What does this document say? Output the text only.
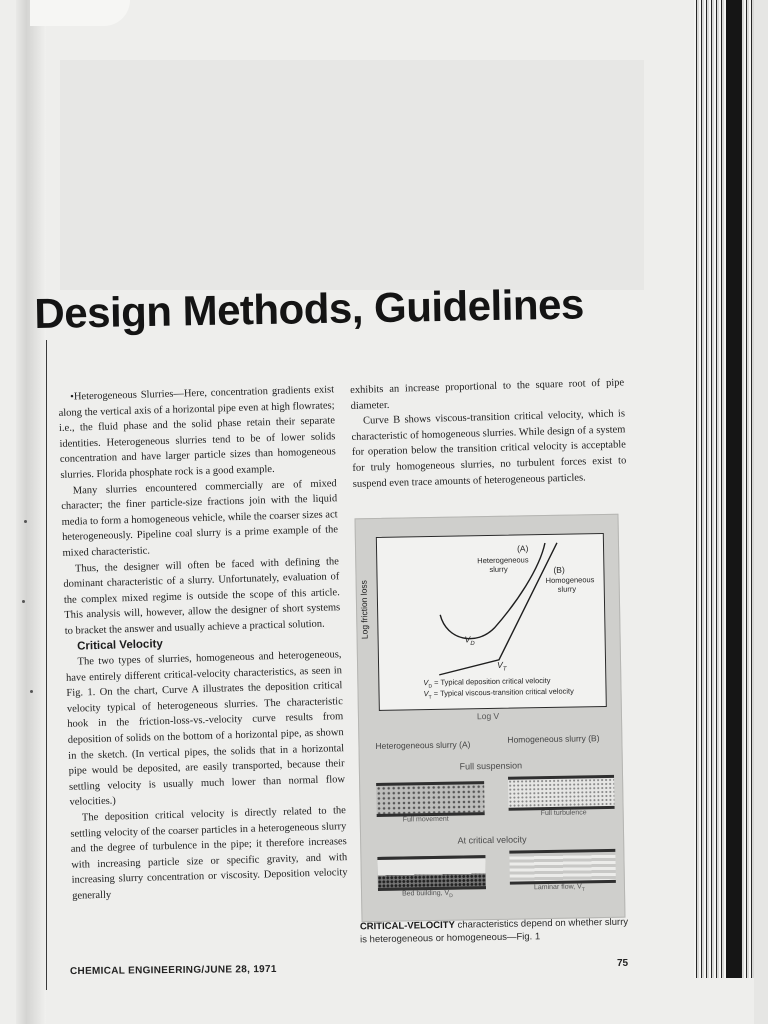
Design Methods, Guidelines

•Heterogeneous Slurries—Here, concentration gradients exist along the vertical axis of a horizontal pipe even at high flowrates; i.e., the fluid phase and the solid phase retain their separate identities. Heterogeneous slurries tend to be of lower solids concentration and have larger particle sizes than homogeneous slurries. Florida phosphate rock is a good example.

Many slurries encountered commercially are of mixed character; the finer particle-size fractions join with the liquid media to form a homogeneous vehicle, while the coarser sizes act heterogeneously. Pipeline coal slurry is a prime example of the mixed characteristic.

Thus, the designer will often be faced with defining the dominant characteristic of a slurry. Unfortunately, evaluation of the complex mixed regime is outside the scope of this article. This analysis will, however, allow the designer of short systems to bracket the answer and usually achieve a practical solution.

Critical Velocity

The two types of slurries, homogeneous and heterogeneous, have entirely different critical-velocity characteristics, as seen in Fig. 1. On the chart, Curve A illustrates the deposition critical velocity typical of heterogeneous slurries. The characteristic hook in the friction-loss-vs.-velocity curve results from deposition of solids on the bottom of a horizontal pipe, as shown in the sketch. (In vertical pipes, the solids that in a horizontal pipe would be deposited, are easily transported, because their settling velocity is usually much lower than normal flow velocities.)

The deposition critical velocity is directly related to the settling velocity of the coarser particles in a heterogeneous slurry and the degree of turbulence in the pipe; it therefore increases with increasing particle size or specific gravity, and with increasing slurry concentration or viscosity. Deposition velocity generally

exhibits an increase proportional to the square root of pipe diameter.

Curve B shows viscous-transition critical velocity, which is characteristic of homogeneous slurries. While design of a system for operation below the transition critical velocity is acceptable for truly homogeneous slurries, no turbulent forces exist to suspend even trace amounts of heterogeneous particles.

Log friction loss
(A)
Heterogeneous
slurry	(B)
Homogeneous
slurry
$V_D$
$V_T$
$V_D$ = Typical deposition critical velocity
$V_T$ = Typical viscous-transition critical velocity
Log V
Heterogeneous slurry (A)
Homogeneous slurry (B)
Full suspension
Full movement
Full turbulence
At critical velocity
Bed building, $V_D$
Laminar flow, $V_T$
CRITICAL-VELOCITY characteristics depend on whether slurry is heterogeneous or homogeneous—Fig. 1
CHEMICAL ENGINEERING/JUNE 28, 1971
75
